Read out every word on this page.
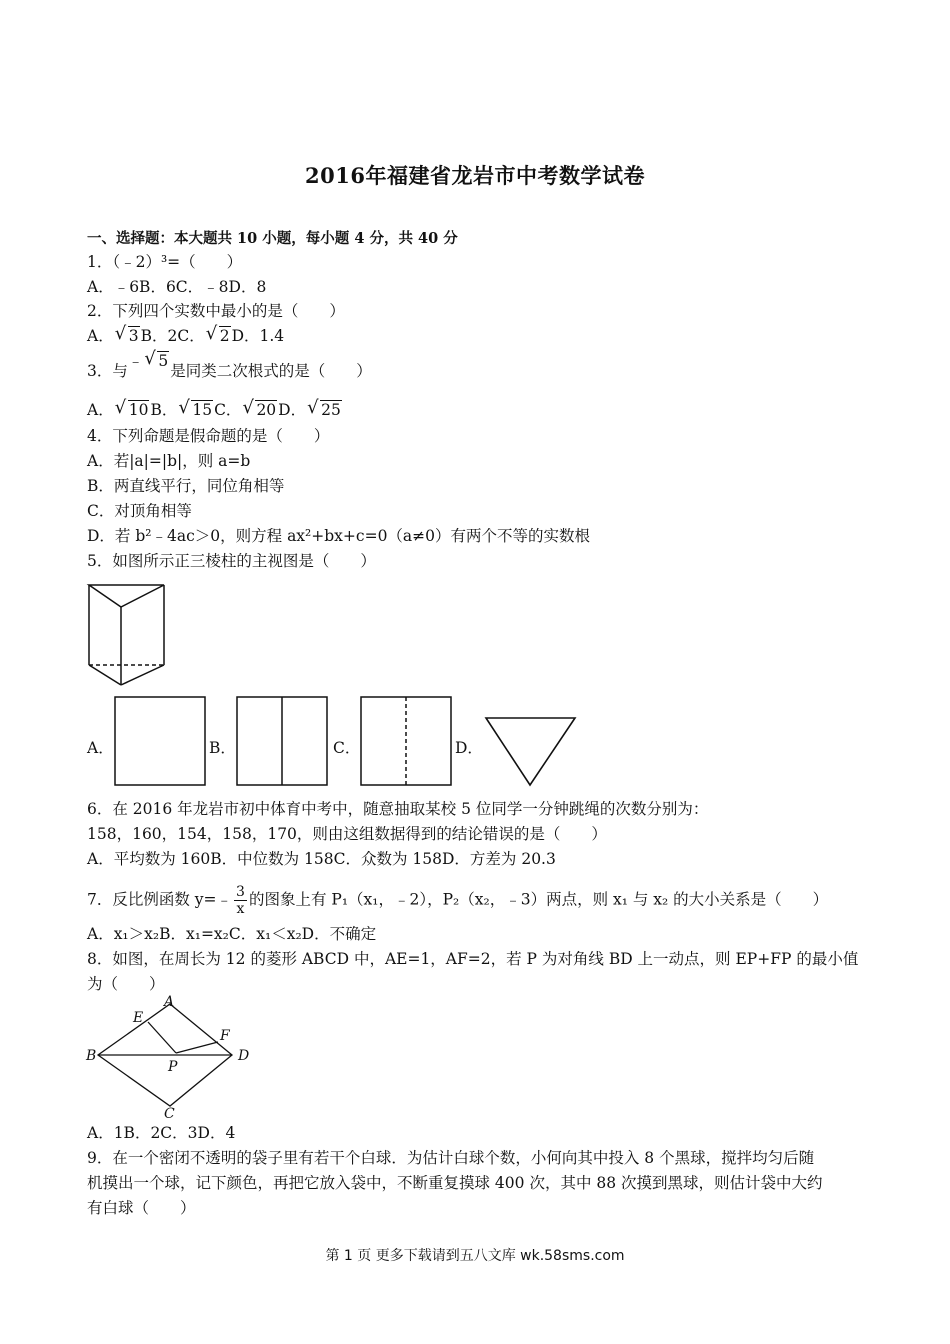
2016年福建省龙岩市中考数学试卷
一、选择题：本大题共 10 小题，每小题 4 分，共 40 分
1．（﹣2）³=（　　）
A．﹣6B．6C．﹣8D．8
2．下列四个实数中最小的是（　　）
A． √ 3 B．2C． √ 2 D．1.4
3．与﹣ √ 5是同类二次根式的是（　　）
A． √ 10 B． √ 15 C． √ 20 D． √ 25
4．下列命题是假命题的是（　　）
A．若|a|=|b|，则 a=b
B．两直线平行，同位角相等
C．对顶角相等
D．若 b²﹣4ac＞0，则方程 ax²+bx+c=0（a≠0）有两个不等的实数根
5．如图所示正三棱柱的主视图是（　　）
A．	B．	C．	D．
6．在 2016 年龙岩市初中体育中考中，随意抽取某校 5 位同学一分钟跳绳的次数分别为：
158，160，154，158，170，则由这组数据得到的结论错误的是（　　）
A．平均数为 160B．中位数为 158C．众数为 158D．方差为 20.3
7．反比例函数 y=﹣ $\frac{3}{x}$ 的图象上有 P₁（x₁，﹣2），P₂（x₂，﹣3）两点，则 x₁ 与 x₂ 的大小关系是（　　）
A．x₁＞x₂B．x₁=x₂C．x₁＜x₂D．不确定
8．如图，在周长为 12 的菱形 ABCD 中，AE=1，AF=2，若 P 为对角线 BD 上一动点，则 EP+FP 的最小值
为（　　）
A
B
C
D
E
F
P
A．1B．2C．3D．4
9．在一个密闭不透明的袋子里有若干个白球．为估计白球个数，小何向其中投入 8 个黑球，搅拌均匀后随
机摸出一个球，记下颜色，再把它放入袋中，不断重复摸球 400 次，其中 88 次摸到黑球，则估计袋中大约
有白球（　　）
第 1 页 更多下载请到五八文库 wk.58sms.com
